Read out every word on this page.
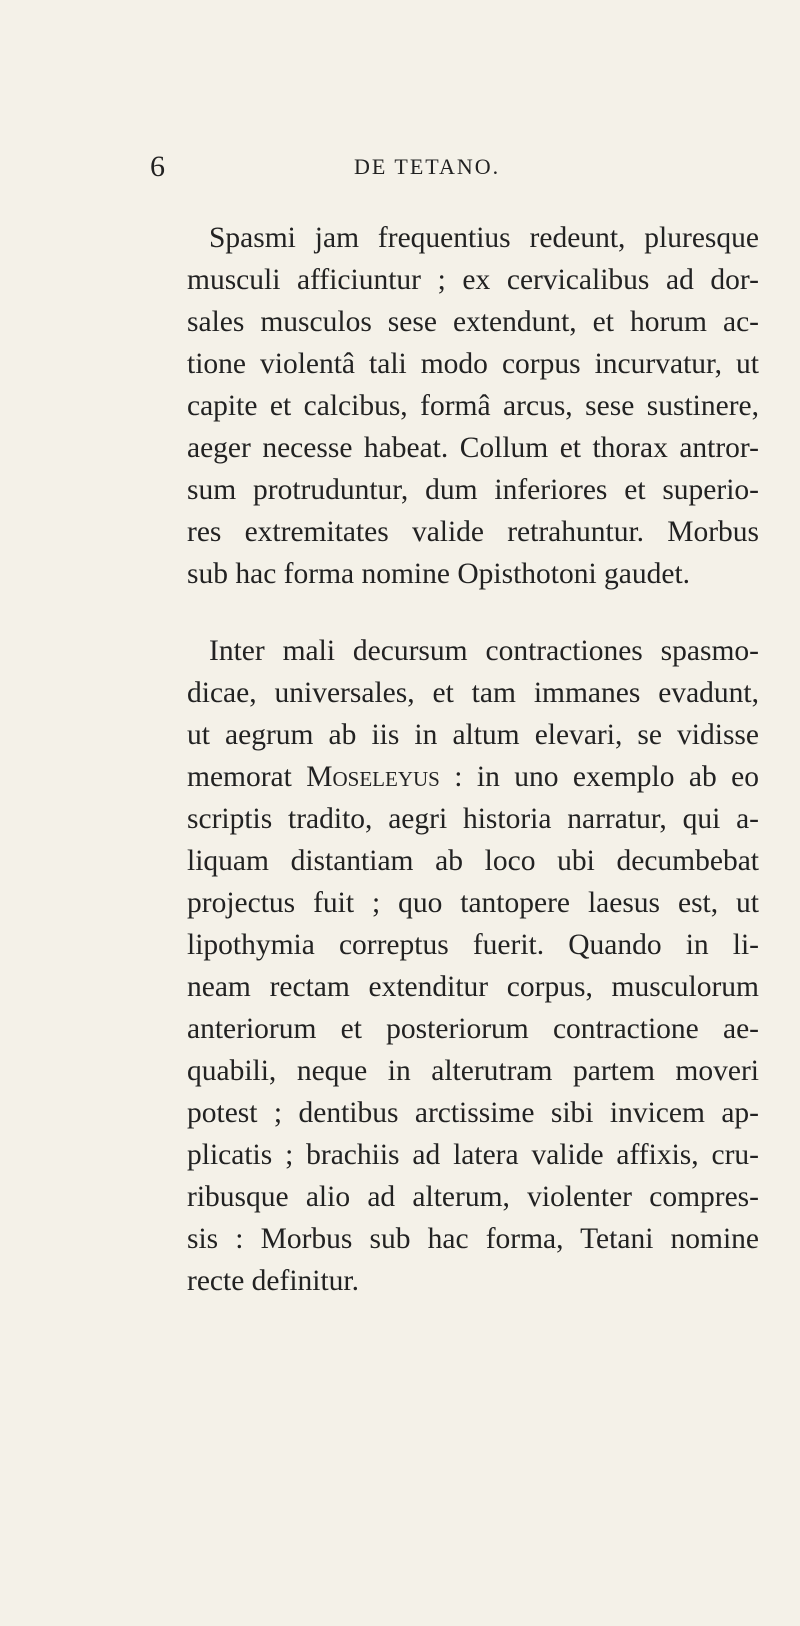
6	DE TETANO.
Spasmi jam frequentius redeunt, pluresque
musculi afficiuntur ; ex cervicalibus ad dor-
sales musculos sese extendunt, et horum ac-
tione violentâ tali modo corpus incurvatur, ut
capite et calcibus, formâ arcus, sese sustinere,
aeger necesse habeat. Collum et thorax antror-
sum protruduntur, dum inferiores et superio-
res extremitates valide retrahuntur. Morbus
sub hac forma nomine Opisthotoni gaudet.
Inter mali decursum contractiones spasmo-
dicae, universales, et tam immanes evadunt,
ut aegrum ab iis in altum elevari, se vidisse
memorat Moseleyus : in uno exemplo ab eo
scriptis tradito, aegri historia narratur, qui a-
liquam distantiam ab loco ubi decumbebat
projectus fuit ; quo tantopere laesus est, ut
lipothymia correptus fuerit. Quando in li-
neam rectam extenditur corpus, musculorum
anteriorum et posteriorum contractione ae-
quabili, neque in alterutram partem moveri
potest ; dentibus arctissime sibi invicem ap-
plicatis ; brachiis ad latera valide affixis, cru-
ribusque alio ad alterum, violenter compres-
sis : Morbus sub hac forma, Tetani nomine
recte definitur.
